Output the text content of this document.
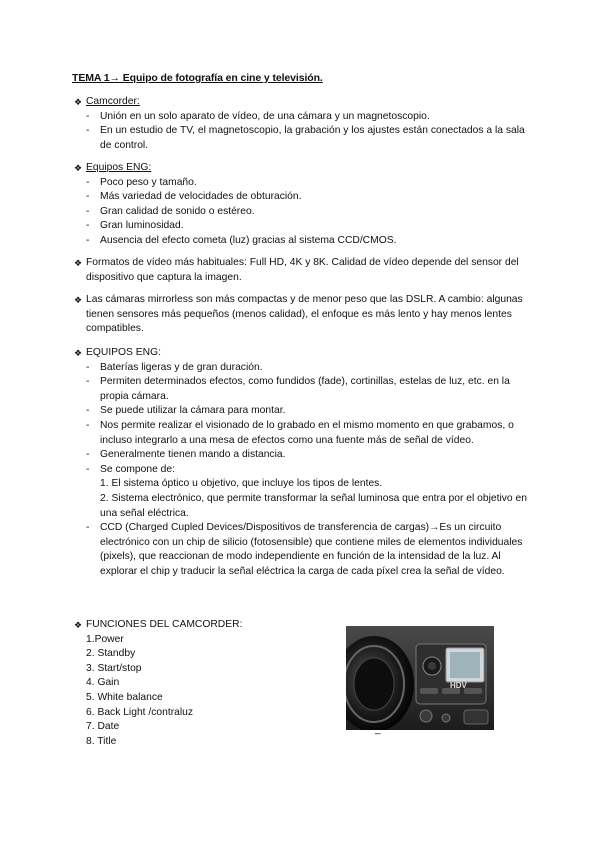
TEMA 1→ Equipo de fotografía en cine y televisión.
❖ Camcorder:
- Unión en un solo aparato de vídeo, de una cámara y un magnetoscopio.
- En un estudio de TV, el magnetoscopio, la grabación y los ajustes están conectados a la sala de control.
❖ Equipos ENG:
- Poco peso y tamaño.
- Más variedad de velocidades de obturación.
- Gran calidad de sonido o estéreo.
- Gran luminosidad.
- Ausencia del efecto cometa (luz) gracias al sistema CCD/CMOS.
❖ Formatos de vídeo más habituales: Full HD, 4K y 8K. Calidad de vídeo depende del sensor del dispositivo que captura la imagen.
❖ Las cámaras mirrorless son más compactas y de menor peso que las DSLR. A cambio: algunas tienen sensores más pequeños (menos calidad), el enfoque es más lento y hay menos lentes compatibles.
❖ EQUIPOS ENG:
- Baterías ligeras y de gran duración.
- Permiten determinados efectos, como fundidos (fade), cortinillas, estelas de luz, etc. en la propia cámara.
- Se puede utilizar la cámara para montar.
- Nos permite realizar el visionado de lo grabado en el mismo momento en que grabamos, o incluso integrarlo a una mesa de efectos como una fuente más de señal de vídeo.
- Generalmente tienen mando a distancia.
- Se compone de:
1. El sistema óptico u objetivo, que incluye los tipos de lentes.
2. Sistema electrónico, que permite transformar la señal luminosa que entra por el objetivo en una señal eléctrica.
- CCD (Charged Cupled Devices/Dispositivos de transferencia de cargas)→Es un circuito electrónico con un chip de silicio (fotosensible) que contiene miles de elementos individuales (pixels), que reaccionan de modo independiente en función de la intensidad de la luz. Al explorar el chip y traducir la señal eléctrica la carga de cada píxel crea la señal de vídeo.
❖ FUNCIONES DEL CAMCORDER:
1.Power
2. Standby
3. Start/stop
4. Gain
5. White balance
6. Back Light /contraluz
7. Date
8. Title
HDV
_
